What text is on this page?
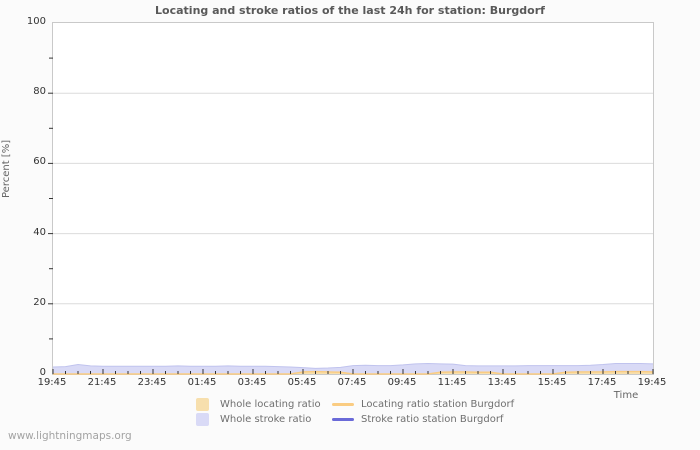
Locating and stroke ratios of the last 24h for station: Burgdorf
Percent [%]
Time
Whole locating ratio
Whole stroke ratio
Locating ratio station Burgdorf
Stroke ratio station Burgdorf
www.lightningmaps.org
0
20
40
60
80
100
19:45	21:45	23:45	01:45	03:45	05:45	07:45	09:45	11:45	13:45	15:45	17:45	19:45
